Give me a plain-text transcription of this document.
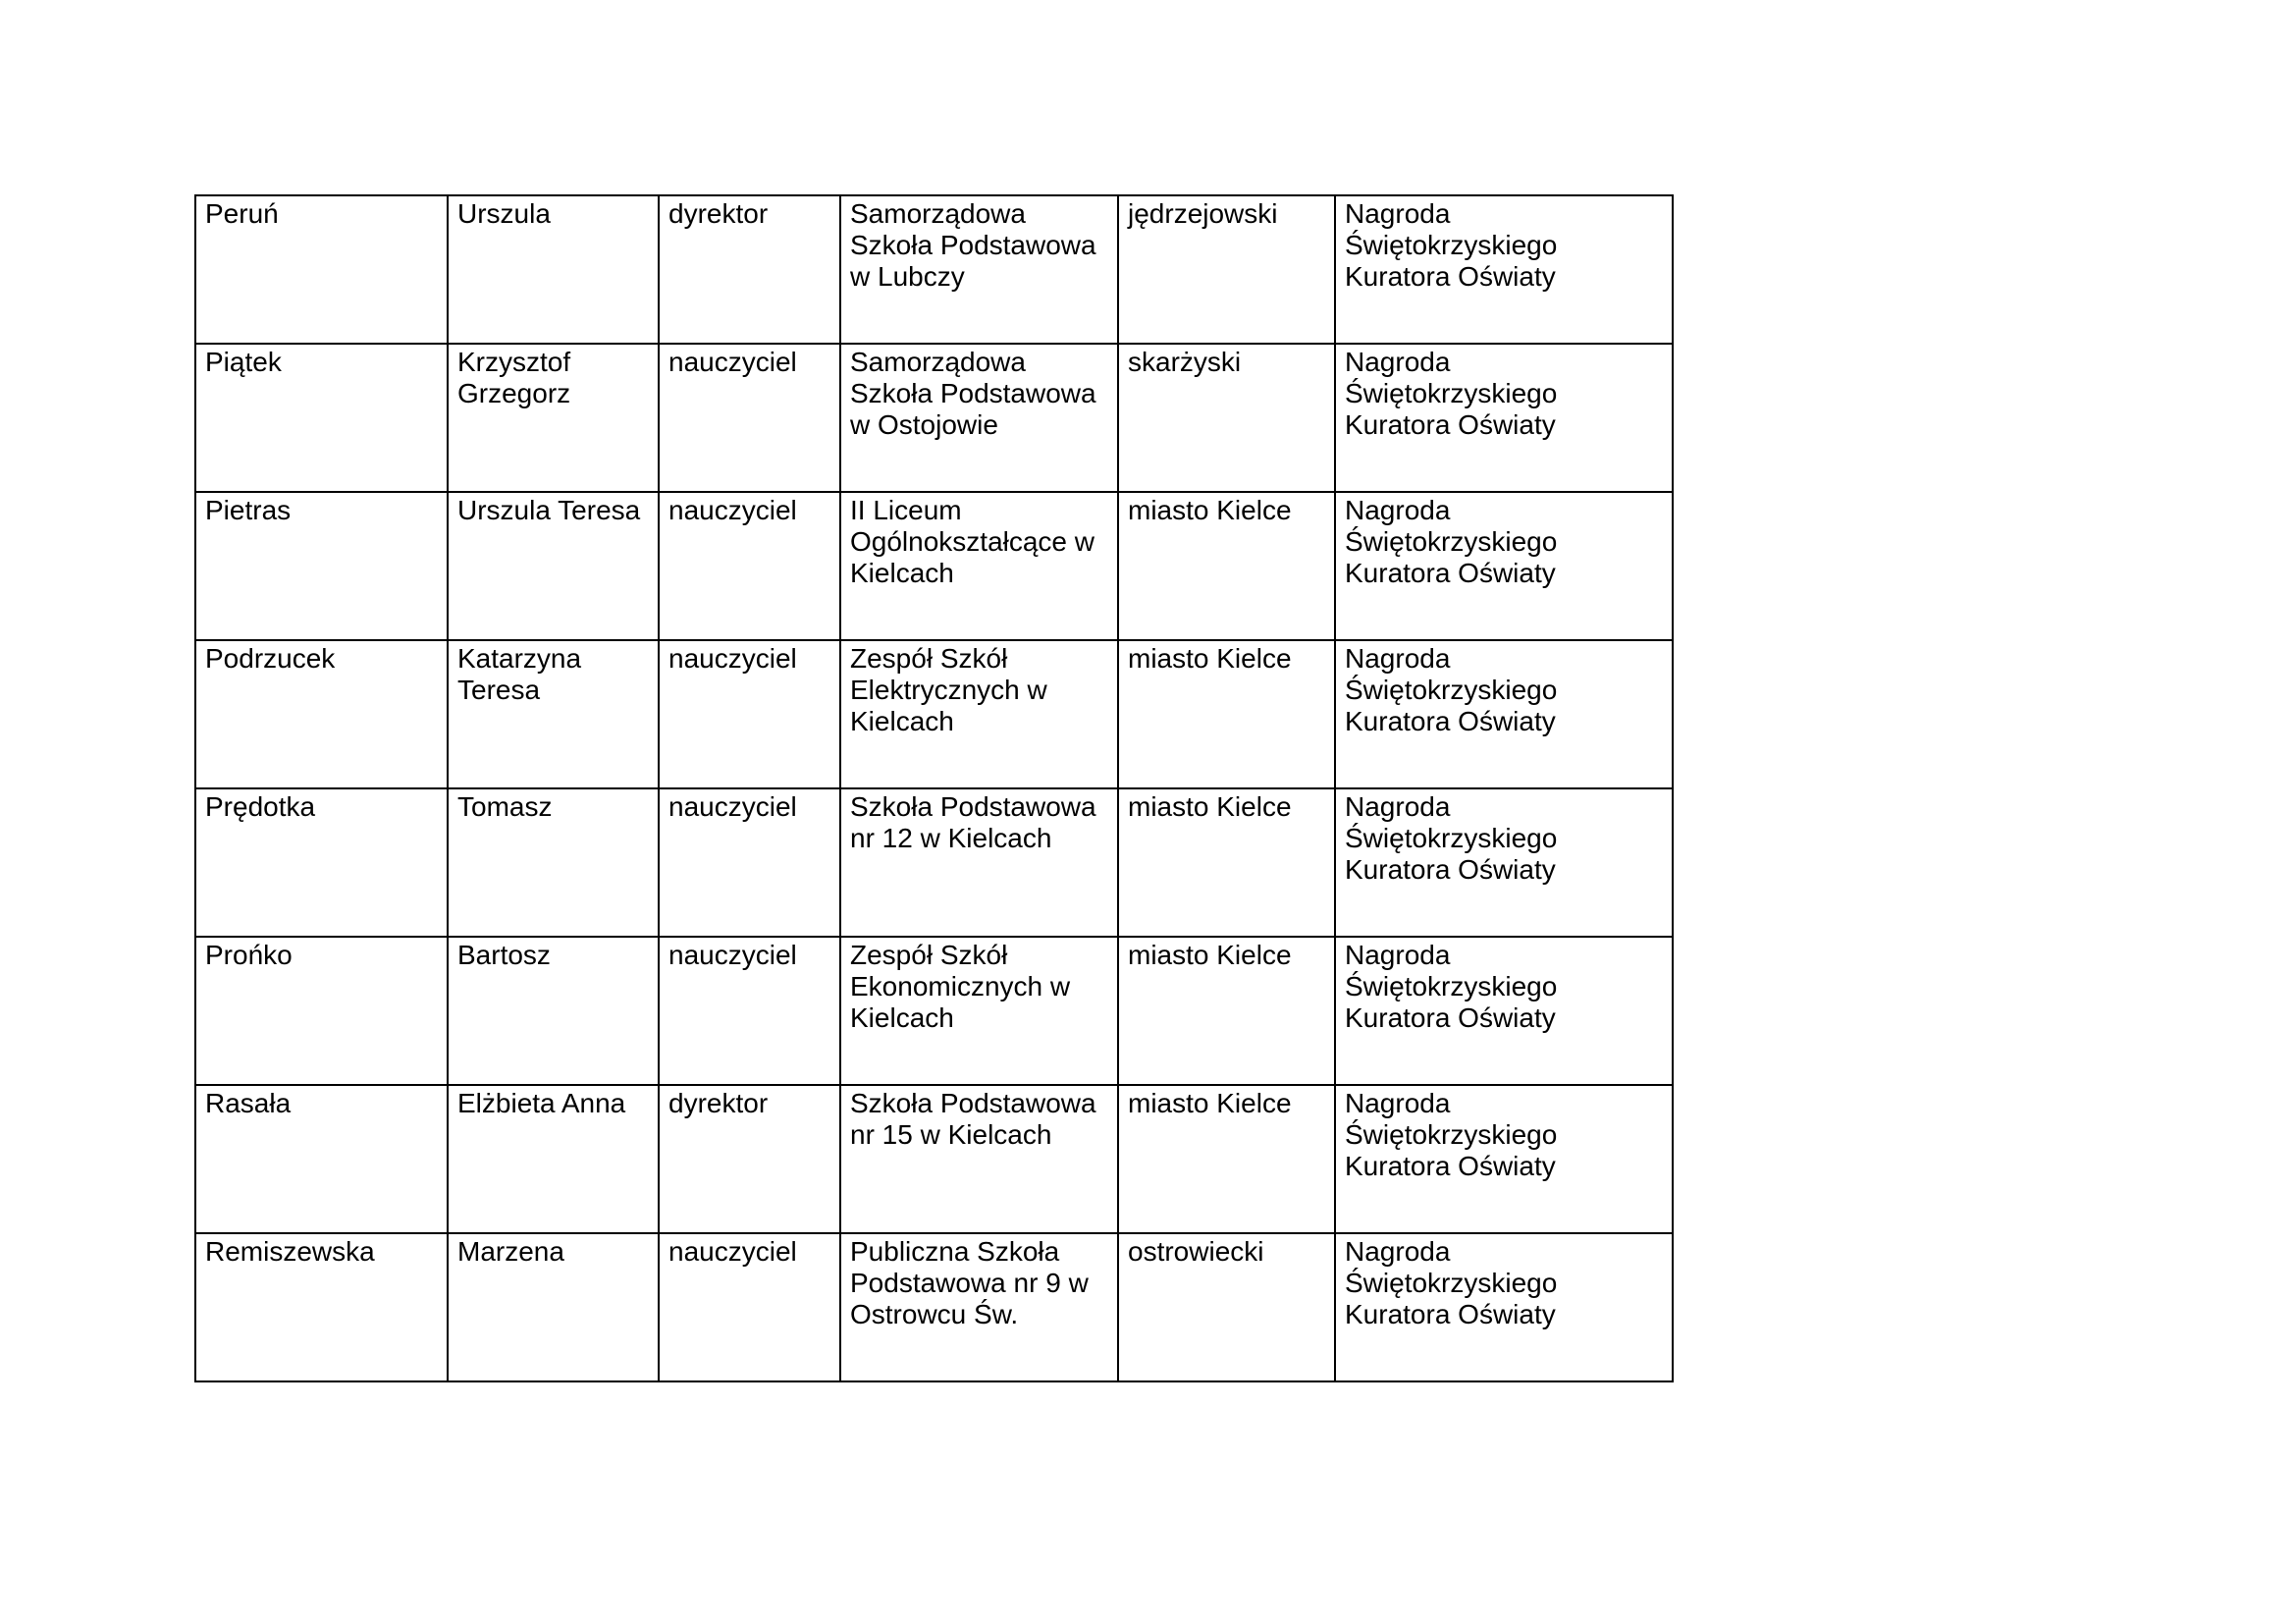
Peruń	Urszula	dyrektor	Samorządowa Szkoła Podstawowa w Lubczy	jędrzejowski	Nagroda Świętokrzyskiego Kuratora Oświaty

Piątek	Krzysztof Grzegorz	nauczyciel	Samorządowa Szkoła Podstawowa w Ostojowie	skarżyski	Nagroda Świętokrzyskiego Kuratora Oświaty

Pietras	Urszula Teresa	nauczyciel	II Liceum Ogólnokształcące w Kielcach	miasto Kielce	Nagroda Świętokrzyskiego Kuratora Oświaty

Podrzucek	Katarzyna Teresa	nauczyciel	Zespół Szkół Elektrycznych w Kielcach	miasto Kielce	Nagroda Świętokrzyskiego Kuratora Oświaty

Prędotka	Tomasz	nauczyciel	Szkoła Podstawowa nr 12 w Kielcach	miasto Kielce	Nagroda Świętokrzyskiego Kuratora Oświaty

Prońko	Bartosz	nauczyciel	Zespół Szkół Ekonomicznych w Kielcach	miasto Kielce	Nagroda Świętokrzyskiego Kuratora Oświaty

Rasała	Elżbieta Anna	dyrektor	Szkoła Podstawowa nr 15 w Kielcach	miasto Kielce	Nagroda Świętokrzyskiego Kuratora Oświaty

Remiszewska	Marzena	nauczyciel	Publiczna Szkoła Podstawowa nr 9 w Ostrowcu Św.	ostrowiecki	Nagroda Świętokrzyskiego Kuratora Oświaty
